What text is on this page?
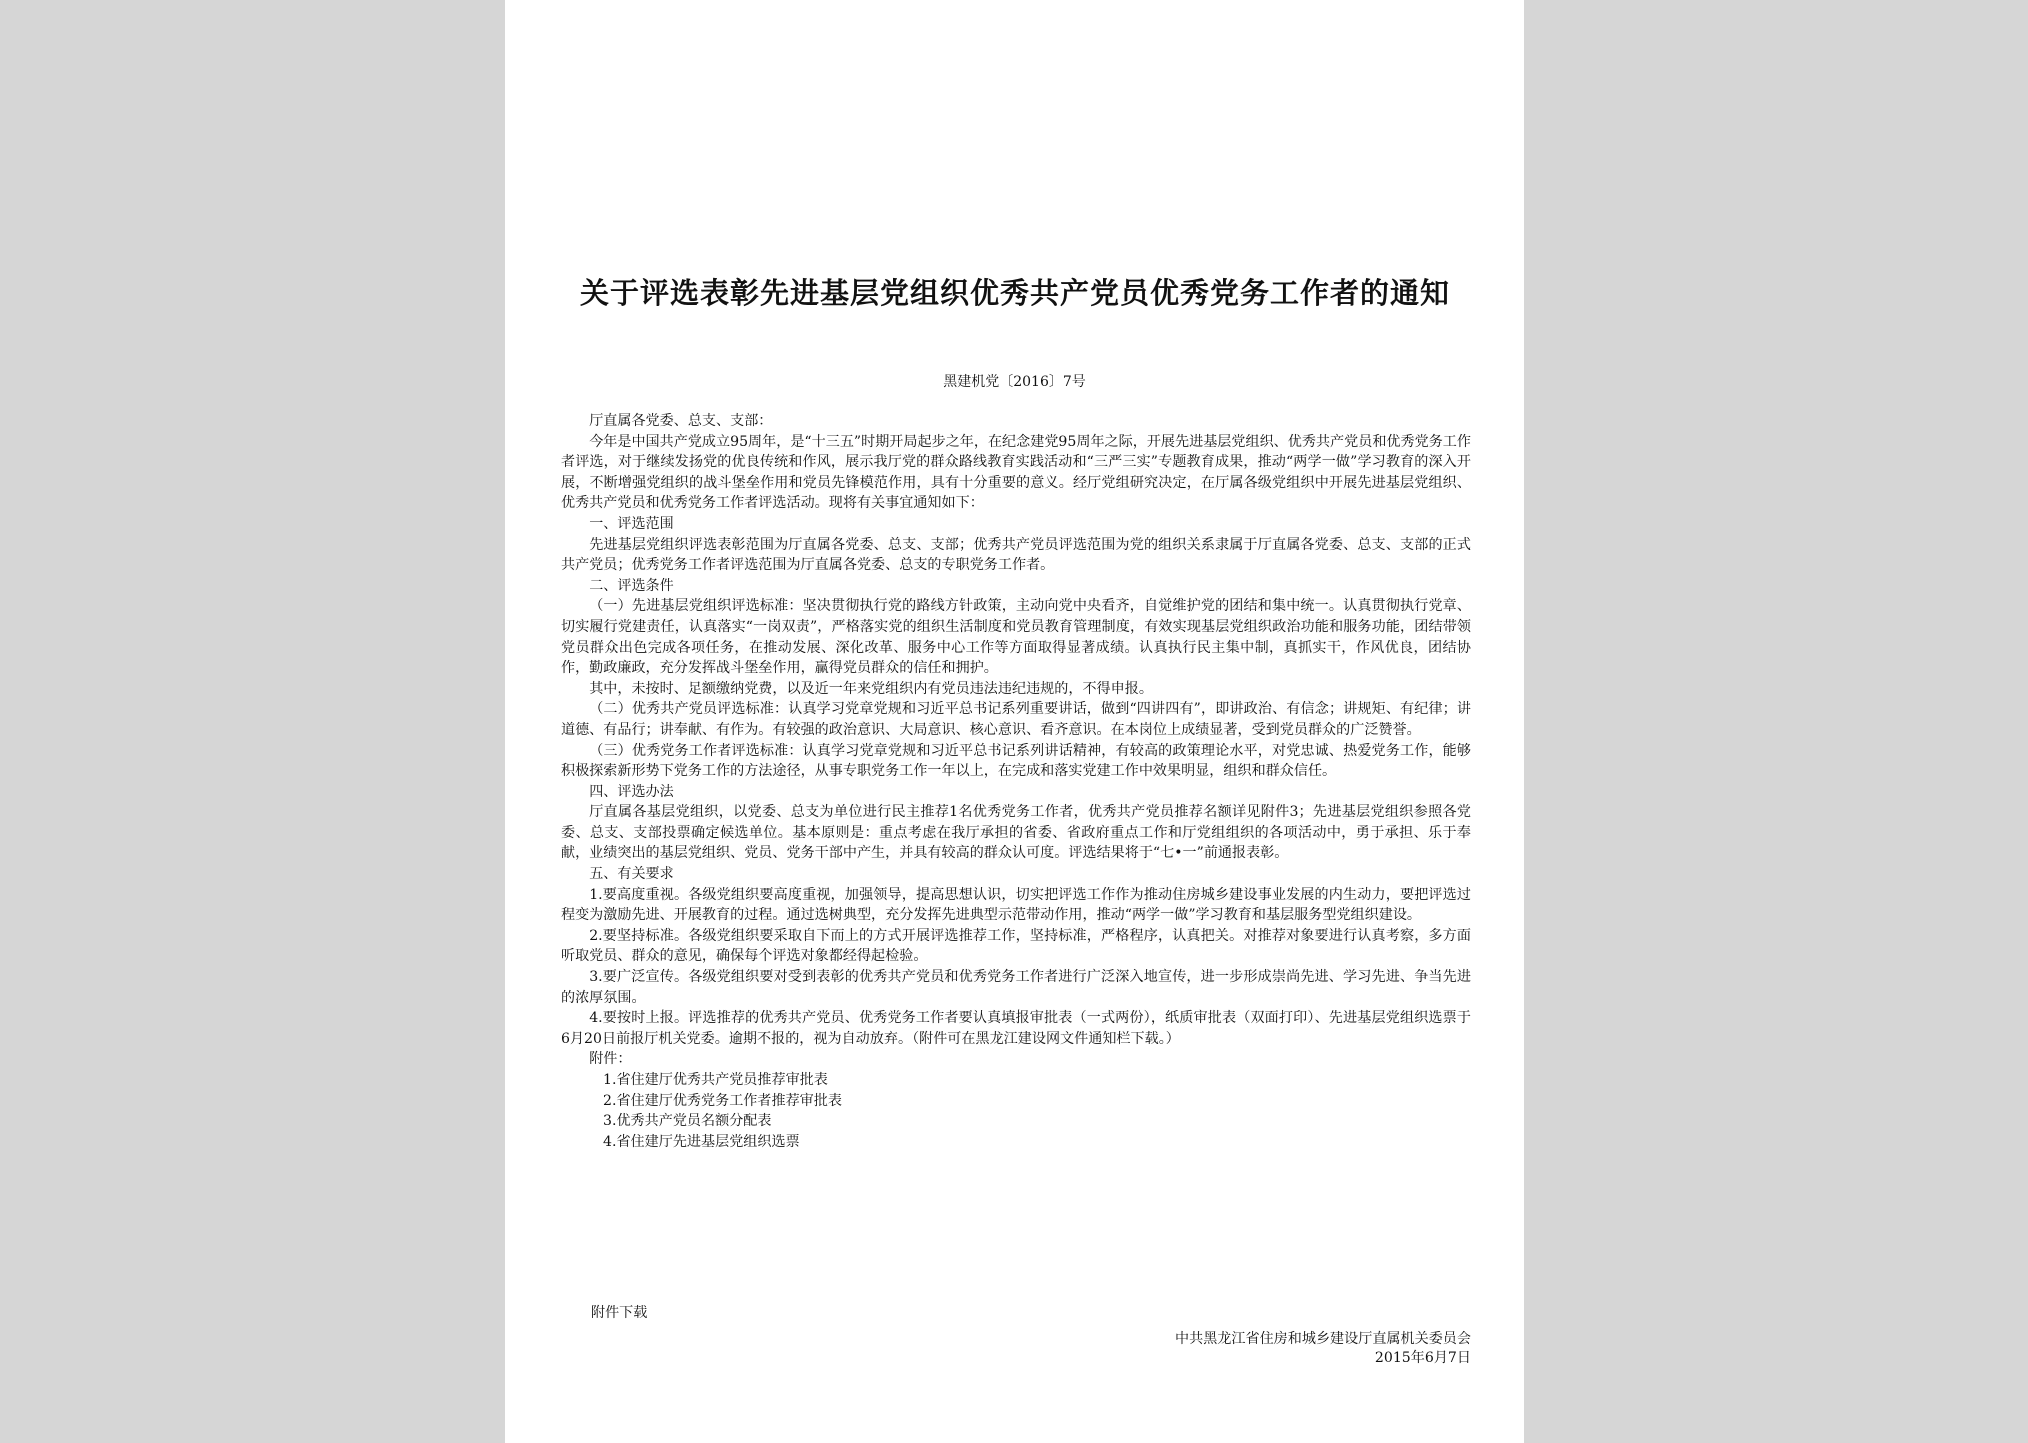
关于评选表彰先进基层党组织优秀共产党员优秀党务工作者的通知
黑建机党〔2016〕7号

厅直属各党委、总支、支部：

今年是中国共产党成立95周年，是“十三五”时期开局起步之年，在纪念建党95周年之际，开展先进基层党组织、优秀共产党员和优秀党务工作者评选，对于继续发扬党的优良传统和作风，展示我厅党的群众路线教育实践活动和“三严三实”专题教育成果，推动“两学一做”学习教育的深入开展，不断增强党组织的战斗堡垒作用和党员先锋模范作用，具有十分重要的意义。经厅党组研究决定，在厅属各级党组织中开展先进基层党组织、优秀共产党员和优秀党务工作者评选活动。现将有关事宜通知如下：

一、评选范围

先进基层党组织评选表彰范围为厅直属各党委、总支、支部；优秀共产党员评选范围为党的组织关系隶属于厅直属各党委、总支、支部的正式共产党员；优秀党务工作者评选范围为厅直属各党委、总支的专职党务工作者。

二、评选条件

（一）先进基层党组织评选标准：坚决贯彻执行党的路线方针政策，主动向党中央看齐，自觉维护党的团结和集中统一。认真贯彻执行党章、切实履行党建责任，认真落实“一岗双责”，严格落实党的组织生活制度和党员教育管理制度，有效实现基层党组织政治功能和服务功能，团结带领党员群众出色完成各项任务，在推动发展、深化改革、服务中心工作等方面取得显著成绩。认真执行民主集中制，真抓实干，作风优良，团结协作，勤政廉政，充分发挥战斗堡垒作用，赢得党员群众的信任和拥护。

其中，未按时、足额缴纳党费，以及近一年来党组织内有党员违法违纪违规的，不得申报。

（二）优秀共产党员评选标准：认真学习党章党规和习近平总书记系列重要讲话，做到“四讲四有”，即讲政治、有信念；讲规矩、有纪律；讲道德、有品行；讲奉献、有作为。有较强的政治意识、大局意识、核心意识、看齐意识。在本岗位上成绩显著，受到党员群众的广泛赞誉。

（三）优秀党务工作者评选标准：认真学习党章党规和习近平总书记系列讲话精神，有较高的政策理论水平，对党忠诚、热爱党务工作，能够积极探索新形势下党务工作的方法途径，从事专职党务工作一年以上，在完成和落实党建工作中效果明显，组织和群众信任。

四、评选办法

厅直属各基层党组织，以党委、总支为单位进行民主推荐1名优秀党务工作者，优秀共产党员推荐名额详见附件3；先进基层党组织参照各党委、总支、支部投票确定候选单位。基本原则是：重点考虑在我厅承担的省委、省政府重点工作和厅党组组织的各项活动中，勇于承担、乐于奉献，业绩突出的基层党组织、党员、党务干部中产生，并具有较高的群众认可度。评选结果将于“七•一”前通报表彰。

五、有关要求

1.要高度重视。各级党组织要高度重视，加强领导，提高思想认识，切实把评选工作作为推动住房城乡建设事业发展的内生动力，要把评选过程变为激励先进、开展教育的过程。通过选树典型，充分发挥先进典型示范带动作用，推动“两学一做”学习教育和基层服务型党组织建设。

2.要坚持标准。各级党组织要采取自下而上的方式开展评选推荐工作，坚持标准，严格程序，认真把关。对推荐对象要进行认真考察，多方面听取党员、群众的意见，确保每个评选对象都经得起检验。

3.要广泛宣传。各级党组织要对受到表彰的优秀共产党员和优秀党务工作者进行广泛深入地宣传，进一步形成崇尚先进、学习先进、争当先进的浓厚氛围。

4.要按时上报。评选推荐的优秀共产党员、优秀党务工作者要认真填报审批表（一式两份），纸质审批表（双面打印）、先进基层党组织选票于6月20日前报厅机关党委。逾期不报的，视为自动放弃。（附件可在黑龙江建设网文件通知栏下载。）

附件：

1.省住建厅优秀共产党员推荐审批表
2.省住建厅优秀党务工作者推荐审批表
3.优秀共产党员名额分配表
4.省住建厅先进基层党组织选票
附件下载
中共黑龙江省住房和城乡建设厅直属机关委员会
2015年6月7日
